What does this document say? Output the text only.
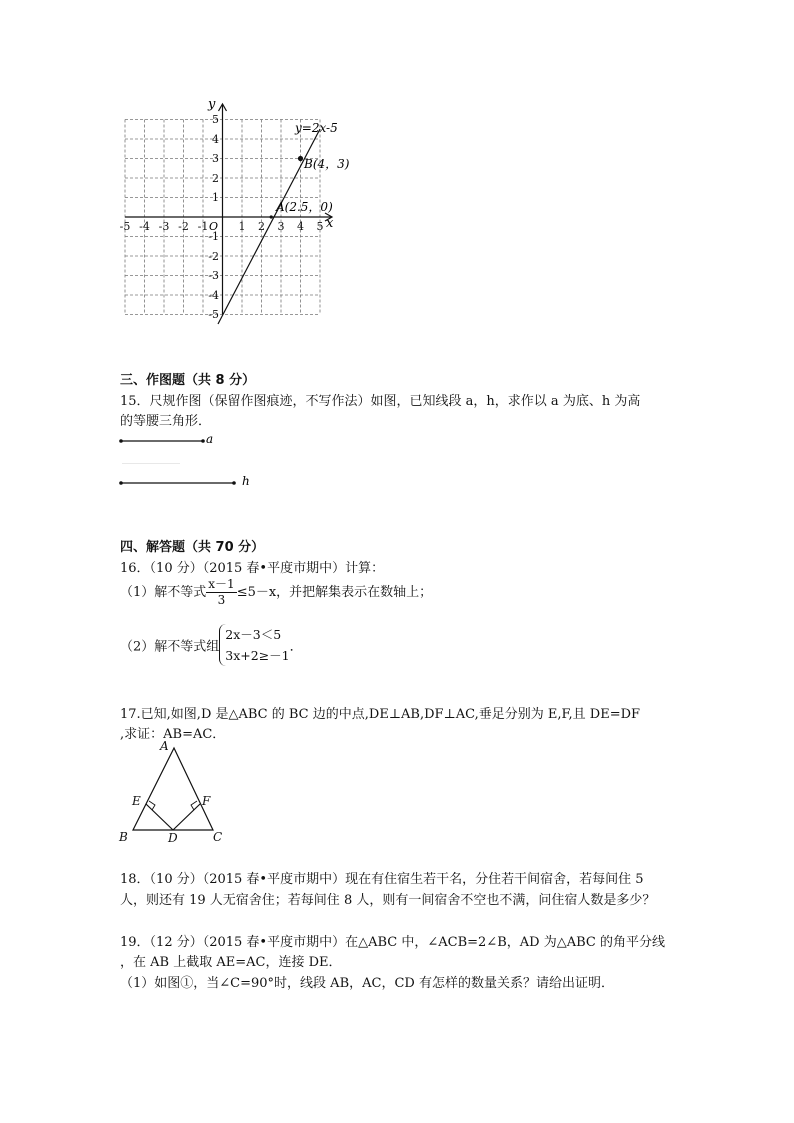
y
x
O
-5 -4 -3 -2 -1	1 2 3 4 5
5
4
3
2
1
-1
-2
-3
-4
-5
y=2x-5
B(4，3)
A(2.5，0)
三、作图题（共 8 分）
15．尺规作图（保留作图痕迹，不写作法）如图，已知线段 a，h，求作以 a 为底、h 为高
的等腰三角形．
a
h
四、解答题（共 70 分）
16．（10 分）（2015 春•平度市期中）计算：
（1）解不等式 $\frac{x-1}{3} \le 5-x$，并把解集表示在数轴上；
（2）解不等式组
2x－3＜5
3x+2≥－1
．
17.已知,如图,D 是△ABC 的 BC 边的中点,DE⊥AB,DF⊥AC,垂足分别为 E,F,且 DE=DF
,求证：AB=AC．
A
E	F
B	D	C
18．（10 分）（2015 春•平度市期中）现在有住宿生若干名，分住若干间宿舍，若每间住 5
人，则还有 19 人无宿舍住；若每间住 8 人，则有一间宿舍不空也不满，问住宿人数是多少？
19．（12 分）（2015 春•平度市期中）在△ABC 中，∠ACB=2∠B，AD 为△ABC 的角平分线
，在 AB 上截取 AE=AC，连接 DE．
（1）如图①，当∠C=90°时，线段 AB，AC，CD 有怎样的数量关系？请给出证明．
